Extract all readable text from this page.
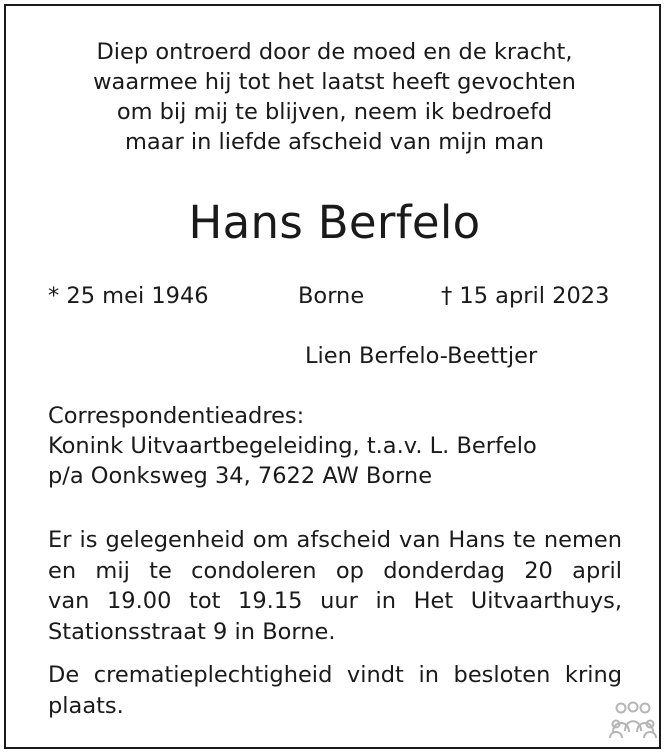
Diep ontroerd door de moed en de kracht,
waarmee hij tot het laatst heeft gevochten
om bij mij te blijven, neem ik bedroefd
maar in liefde afscheid van mijn man
Hans Berfelo
* 25 mei 1946	Borne	† 15 april 2023
Lien Berfelo-Beettjer
Correspondentieadres:
Konink Uitvaartbegeleiding, t.a.v. L. Berfelo
p/a Oonksweg 34, 7622 AW Borne
Er is gelegenheid om afscheid van Hans te nemen
en mij te condoleren op donderdag 20 april
van 19.00 tot 19.15 uur in Het Uitvaarthuys,
Stationsstraat 9 in Borne.
De crematieplechtigheid vindt in besloten kring
plaats.
